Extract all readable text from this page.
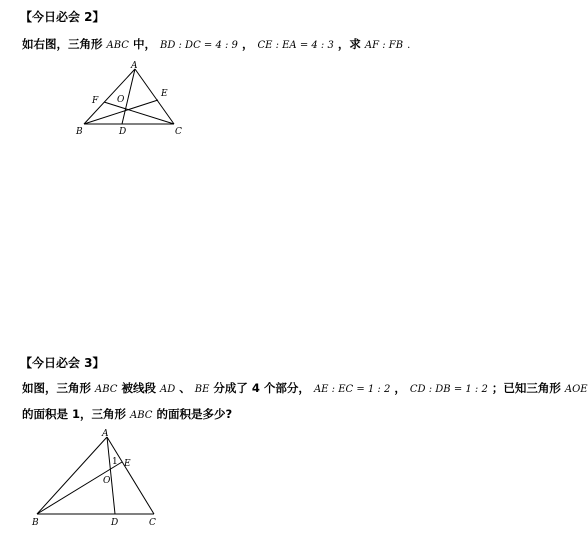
【今日必会 2】
如右图，三角形 ABC 中， BD : DC = 4 : 9 ， CE : EA = 4 : 3 ，求 AF : FB .
A
B	C
D
E
F O
【今日必会 3】
如图，三角形 ABC 被线段 AD 、 BE 分成了 4 个部分， AE : EC = 1 : 2 ， CD : DB = 1 : 2 ；已知三角形 AOE
的面积是 1，三角形 ABC 的面积是多少?
A
B	C
D
E
O
1
